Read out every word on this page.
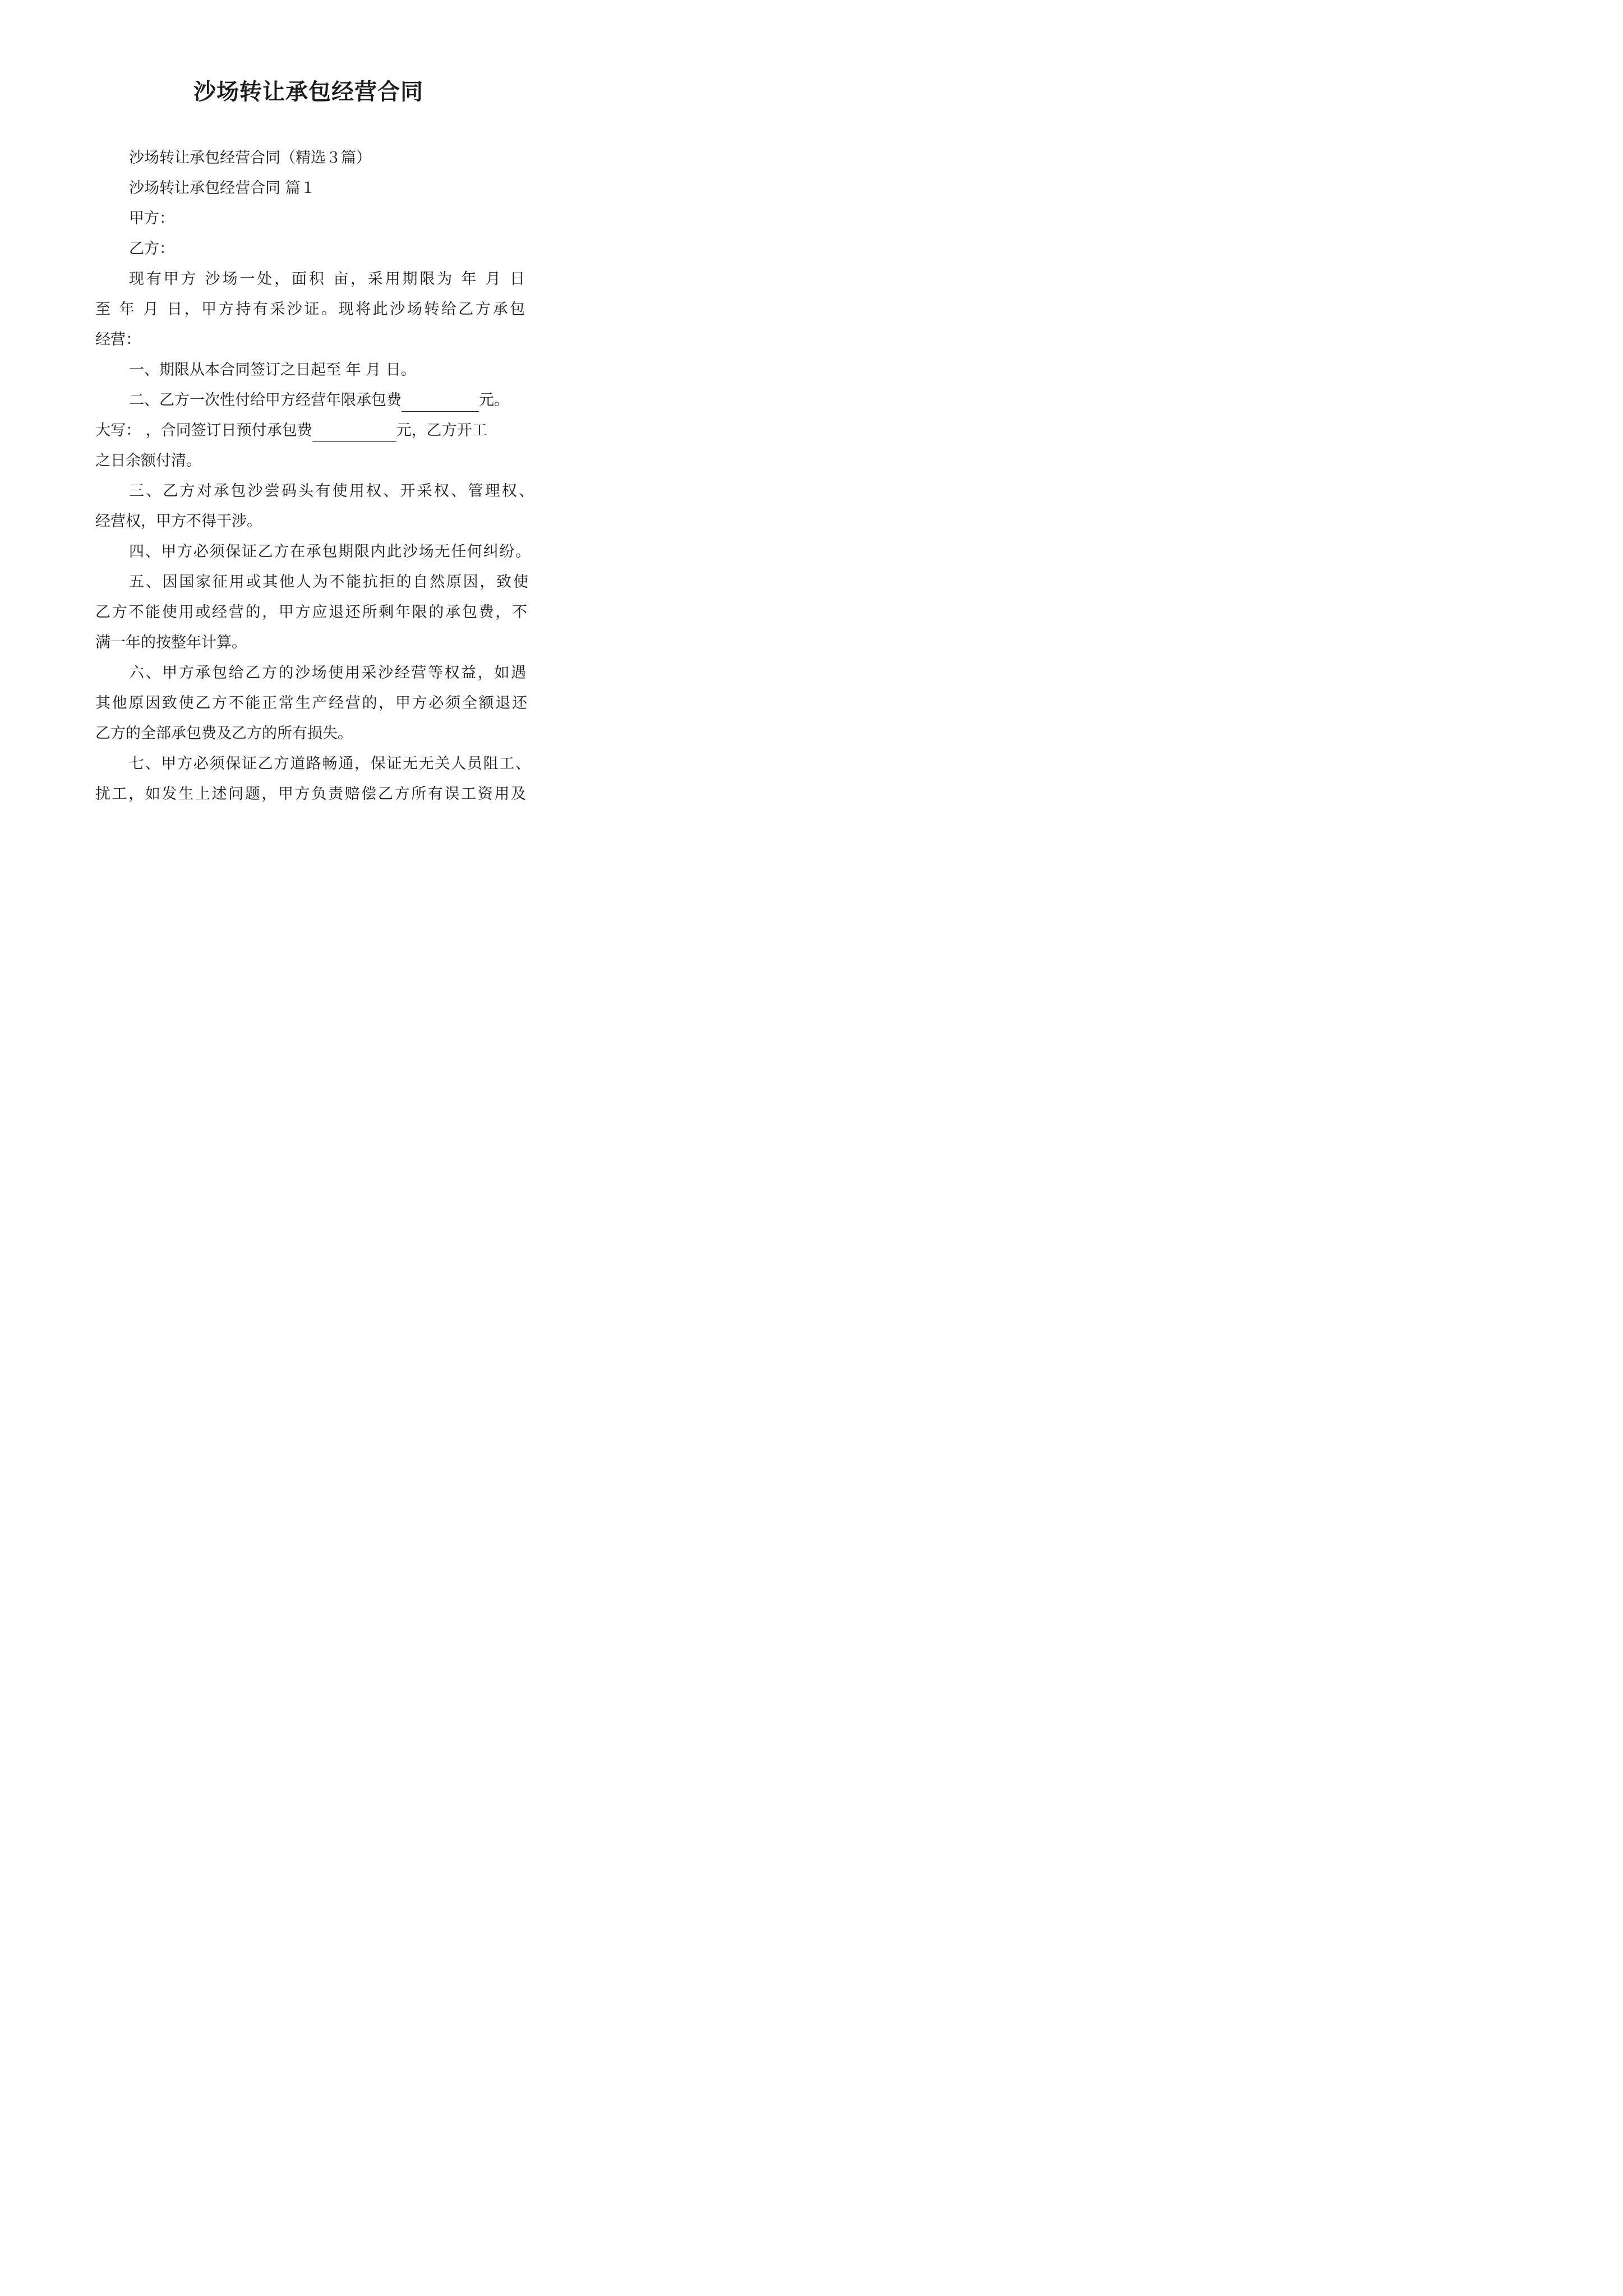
沙场转让承包经营合同

沙场转让承包经营合同（精选３篇）

沙场转让承包经营合同 篇１

甲方：

乙方：

现有甲方 沙场一处，面积 亩，采用期限为 年 月 日

至 年 月 日，甲方持有采沙证。现将此沙场转给乙方承包

经营：

一、期限从本合同签订之日起至 年 月 日。

二、乙方一次性付给甲方经营年限承包费	元。

大写： ，合同签订日预付承包费	元，乙方开工

之日余额付清。

三、乙方对承包沙尝码头有使用权、开采权、管理权、

经营权，甲方不得干涉。

四、甲方必须保证乙方在承包期限内此沙场无任何纠纷。

五、因国家征用或其他人为不能抗拒的自然原因，致使

乙方不能使用或经营的，甲方应退还所剩年限的承包费，不

满一年的按整年计算。

六、甲方承包给乙方的沙场使用采沙经营等权益，如遇

其他原因致使乙方不能正常生产经营的，甲方必须全额退还

乙方的全部承包费及乙方的所有损失。

七、甲方必须保证乙方道路畅通，保证无无关人员阻工、

扰工，如发生上述问题，甲方负责赔偿乙方所有误工资用及
